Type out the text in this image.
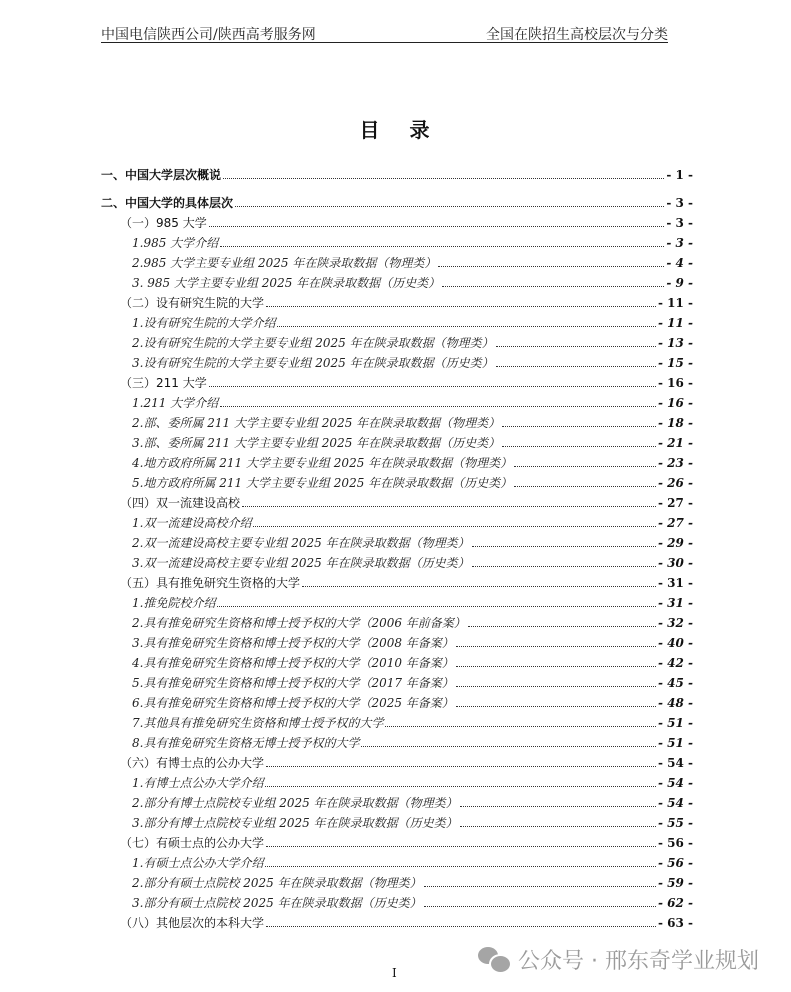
中国电信陕西公司/陕西高考服务网	全国在陕招生高校层次与分类
目 录
一、中国大学层次概说	- 1 -
二、中国大学的具体层次	- 3 -
（一）985 大学	- 3 -
1.985 大学介绍	- 3 -
2.985 大学主要专业组 2025 年在陕录取数据（物理类）	- 4 -
3. 985 大学主要专业组 2025 年在陕录取数据（历史类）	- 9 -
（二）设有研究生院的大学	- 11 -
1.设有研究生院的大学介绍	- 11 -
2.设有研究生院的大学主要专业组 2025 年在陕录取数据（物理类）	- 13 -
3.设有研究生院的大学主要专业组 2025 年在陕录取数据（历史类）	- 15 -
（三）211 大学	- 16 -
1.211 大学介绍	- 16 -
2.部、委所属 211 大学主要专业组 2025 年在陕录取数据（物理类）	- 18 -
3.部、委所属 211 大学主要专业组 2025 年在陕录取数据（历史类）	- 21 -
4.地方政府所属 211 大学主要专业组 2025 年在陕录取数据（物理类）	- 23 -
5.地方政府所属 211 大学主要专业组 2025 年在陕录取数据（历史类）	- 26 -
（四）双一流建设高校	- 27 -
1.双一流建设高校介绍	- 27 -
2.双一流建设高校主要专业组 2025 年在陕录取数据（物理类）	- 29 -
3.双一流建设高校主要专业组 2025 年在陕录取数据（历史类）	- 30 -
（五）具有推免研究生资格的大学	- 31 -
1.推免院校介绍	- 31 -
2.具有推免研究生资格和博士授予权的大学（2006 年前备案）	- 32 -
3.具有推免研究生资格和博士授予权的大学（2008 年备案）	- 40 -
4.具有推免研究生资格和博士授予权的大学（2010 年备案）	- 42 -
5.具有推免研究生资格和博士授予权的大学（2017 年备案）	- 45 -
6.具有推免研究生资格和博士授予权的大学（2025 年备案）	- 48 -
7.其他具有推免研究生资格和博士授予权的大学	- 51 -
8.具有推免研究生资格无博士授予权的大学	- 51 -
（六）有博士点的公办大学	- 54 -
1.有博士点公办大学介绍	- 54 -
2.部分有博士点院校专业组 2025 年在陕录取数据（物理类）	- 54 -
3.部分有博士点院校专业组 2025 年在陕录取数据（历史类）	- 55 -
（七）有硕士点的公办大学	- 56 -
1.有硕士点公办大学介绍	- 56 -
2.部分有硕士点院校 2025 年在陕录取数据（物理类）	- 59 -
3.部分有硕士点院校 2025 年在陕录取数据（历史类）	- 62 -
（八）其他层次的本科大学	- 63 -
I	公众号 · 邢东奇学业规划
